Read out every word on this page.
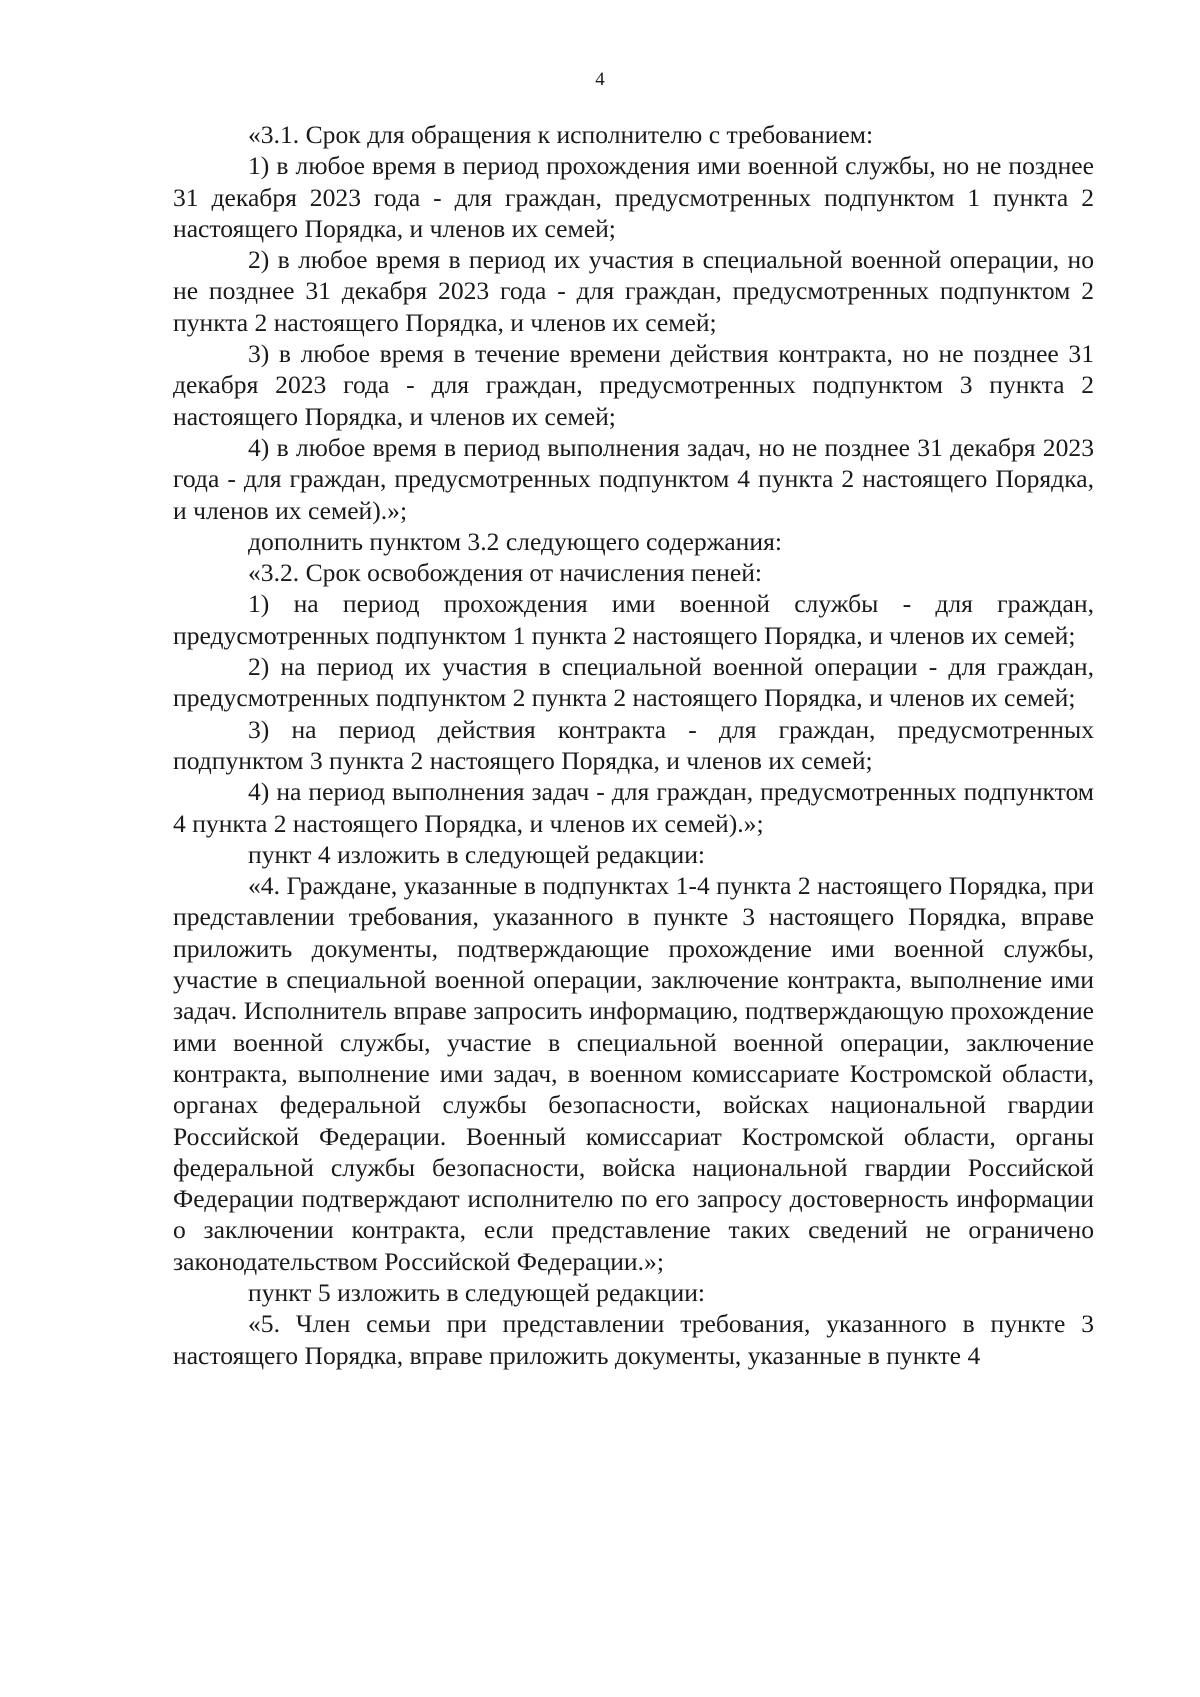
4

«3.1. Срок для обращения к исполнителю с требованием:

1) в любое время в период прохождения ими военной службы, но не позднее 31 декабря 2023 года - для граждан, предусмотренных подпунктом 1 пункта 2 настоящего Порядка, и членов их семей;

2) в любое время в период их участия в специальной военной операции, но не позднее 31 декабря 2023 года - для граждан, предусмотренных подпунктом 2 пункта 2 настоящего Порядка, и членов их семей;

3) в любое время в течение времени действия контракта, но не позднее 31 декабря 2023 года - для граждан, предусмотренных подпунктом 3 пункта 2 настоящего Порядка, и членов их семей;

4) в любое время в период выполнения задач, но не позднее 31 декабря 2023 года - для граждан, предусмотренных подпунктом 4 пункта 2 настоящего Порядка, и членов их семей).»;

дополнить пунктом 3.2 следующего содержания:

«3.2. Срок освобождения от начисления пеней:

1) на период прохождения ими военной службы - для граждан, предусмотренных подпунктом 1 пункта 2 настоящего Порядка, и членов их семей;

2) на период их участия в специальной военной операции - для граждан, предусмотренных подпунктом 2 пункта 2 настоящего Порядка, и членов их семей;

3) на период действия контракта - для граждан, предусмотренных подпунктом 3 пункта 2 настоящего Порядка, и членов их семей;

4) на период выполнения задач - для граждан, предусмотренных подпунктом 4 пункта 2 настоящего Порядка, и членов их семей).»;

пункт 4 изложить в следующей редакции:

«4. Граждане, указанные в подпунктах 1-4 пункта 2 настоящего Порядка, при представлении требования, указанного в пункте 3 настоящего Порядка, вправе приложить документы, подтверждающие прохождение ими военной службы, участие в специальной военной операции, заключение контракта, выполнение ими задач. Исполнитель вправе запросить информацию, подтверждающую прохождение ими военной службы, участие в специальной военной операции, заключение контракта, выполнение ими задач, в военном комиссариате Костромской области, органах федеральной службы безопасности, войсках национальной гвардии Российской Федерации. Военный комиссариат Костромской области, органы федеральной службы безопасности, войска национальной гвардии Российской Федерации подтверждают исполнителю по его запросу достоверность информации о заключении контракта, если представление таких сведений не ограничено законодательством Российской Федерации.»;

пункт 5 изложить в следующей редакции:

«5. Член семьи при представлении требования, указанного в пункте 3 настоящего Порядка, вправе приложить документы, указанные в пункте 4
